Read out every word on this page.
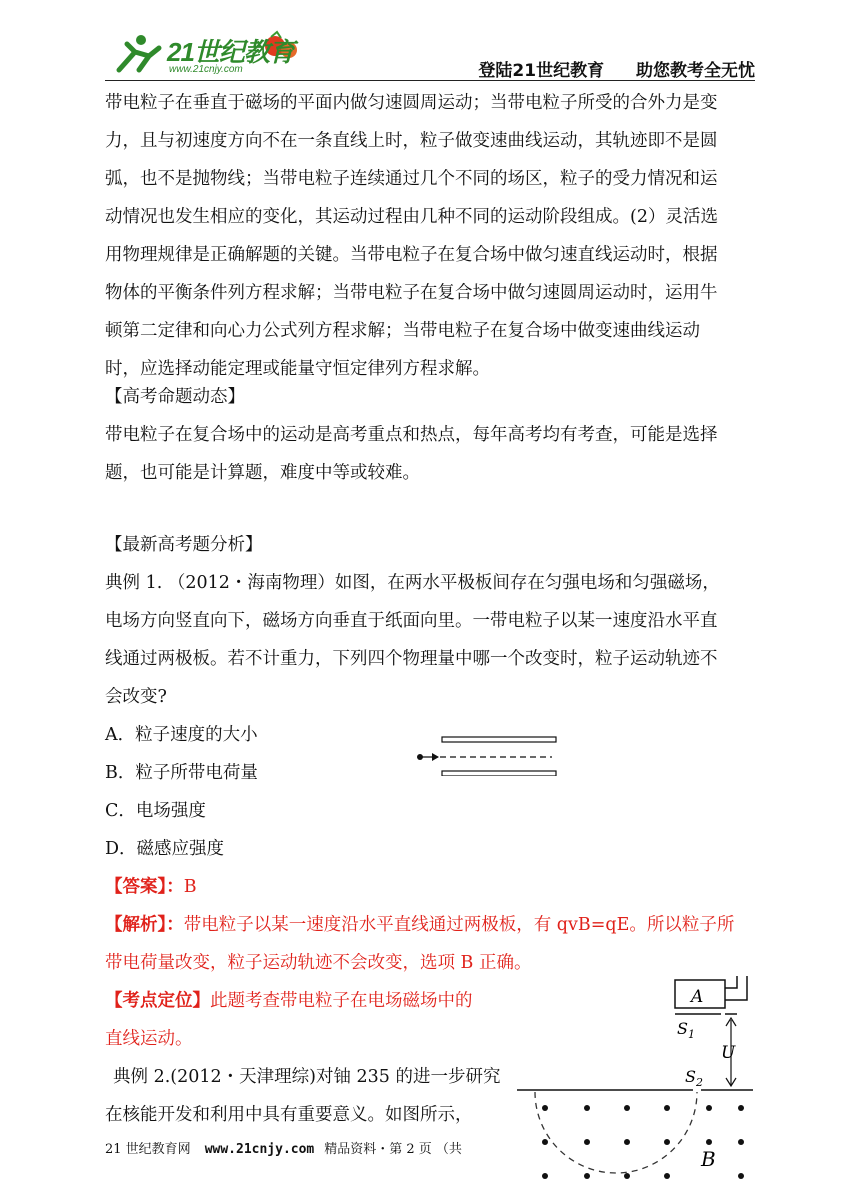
21世纪教育
www.21cnjy.com	登陆21世纪教育 助您教考全无忧
带电粒子在垂直于磁场的平面内做匀速圆周运动；当带电粒子所受的合外力是变
力，且与初速度方向不在一条直线上时，粒子做变速曲线运动，其轨迹即不是圆
弧，也不是抛物线；当带电粒子连续通过几个不同的场区，粒子的受力情况和运
动情况也发生相应的变化，其运动过程由几种不同的运动阶段组成。(2）灵活选
用物理规律是正确解题的关键。当带电粒子在复合场中做匀速直线运动时，根据
物体的平衡条件列方程求解；当带电粒子在复合场中做匀速圆周运动时，运用牛
顿第二定律和向心力公式列方程求解；当带电粒子在复合场中做变速曲线运动
时，应选择动能定理或能量守恒定律列方程求解。
【高考命题动态】
带电粒子在复合场中的运动是高考重点和热点，每年高考均有考查，可能是选择
题，也可能是计算题，难度中等或较难。
【最新高考题分析】
典例 1. （2012・海南物理）如图，在两水平极板间存在匀强电场和匀强磁场，
电场方向竖直向下，磁场方向垂直于纸面向里。一带电粒子以某一速度沿水平直
线通过两极板。若不计重力，下列四个物理量中哪一个改变时，粒子运动轨迹不
会改变?
A．粒子速度的大小
B．粒子所带电荷量
C．电场强度
D．磁感应强度
【答案】：B
【解析】：带电粒子以某一速度沿水平直线通过两极板，有 qvB=qE。所以粒子所
带电荷量改变，粒子运动轨迹不会改变，选项 B 正确。
【考点定位】此题考查带电粒子在电场磁场中的
直线运动。
典例 2.(2012・天津理综)对铀 235 的进一步研究
在核能开发和利用中具有重要意义。如图所示，
A
$S_1$
U
$S_2$
B
21 世纪教育网 www.21cnjy.com 精品资料・第 2 页 （共
